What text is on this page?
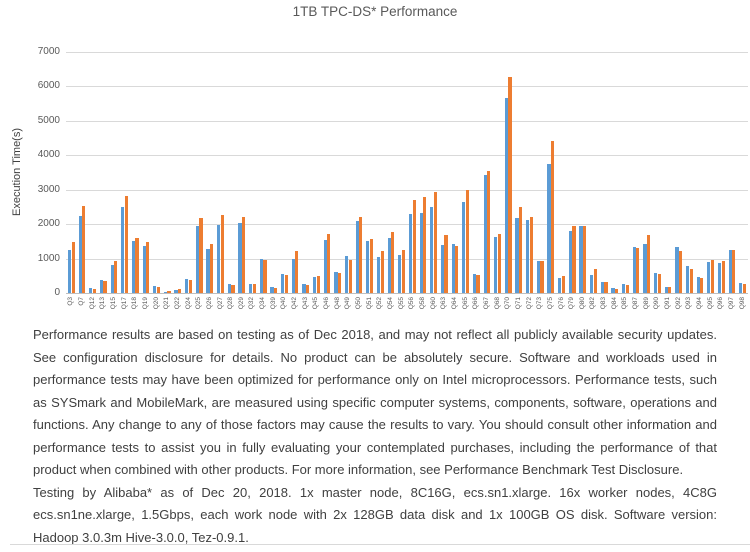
1TB TPC-DS* Performance
Execution Time(s)
Q3 Q7 Q12 Q13 Q15 Q17 Q18 Q19 Q20 Q21 Q22 Q24 Q25 Q26 Q27 Q28 Q29 Q32 Q34 Q39 Q40 Q42 Q43 Q45 Q46 Q48 Q49 Q50 Q51 Q52 Q54 Q55 Q56 Q58 Q60 Q63 Q64 Q65 Q66 Q67 Q68 Q70 Q71 Q72 Q73 Q75 Q76 Q79 Q80 Q82 Q83 Q84 Q85 Q87 Q89 Q90 Q91 Q92 Q93 Q94 Q95 Q96 Q97 Q98
0
1000
2000
3000
4000
5000
6000
7000

Performance results are based on testing as of Dec 2018, and may not reflect all publicly available security updates. See configuration disclosure for details. No product can be absolutely secure. Software and workloads used in performance tests may have been optimized for performance only on Intel microprocessors. Performance tests, such as SYSmark and MobileMark, are measured using specific computer systems, components, software, operations and functions. Any change to any of those factors may cause the results to vary. You should consult other information and performance tests to assist you in fully evaluating your contemplated purchases, including the performance of that product when combined with other products. For more information, see Performance Benchmark Test Disclosure.

Testing by Alibaba* as of Dec 20, 2018. 1x master node, 8C16G, ecs.sn1.xlarge. 16x worker nodes, 4C8G ecs.sn1ne.xlarge, 1.5Gbps, each work node with 2x 128GB data disk and 1x 100GB OS disk. Software version: Hadoop 3.0.3m Hive-3.0.0, Tez-0.9.1.
